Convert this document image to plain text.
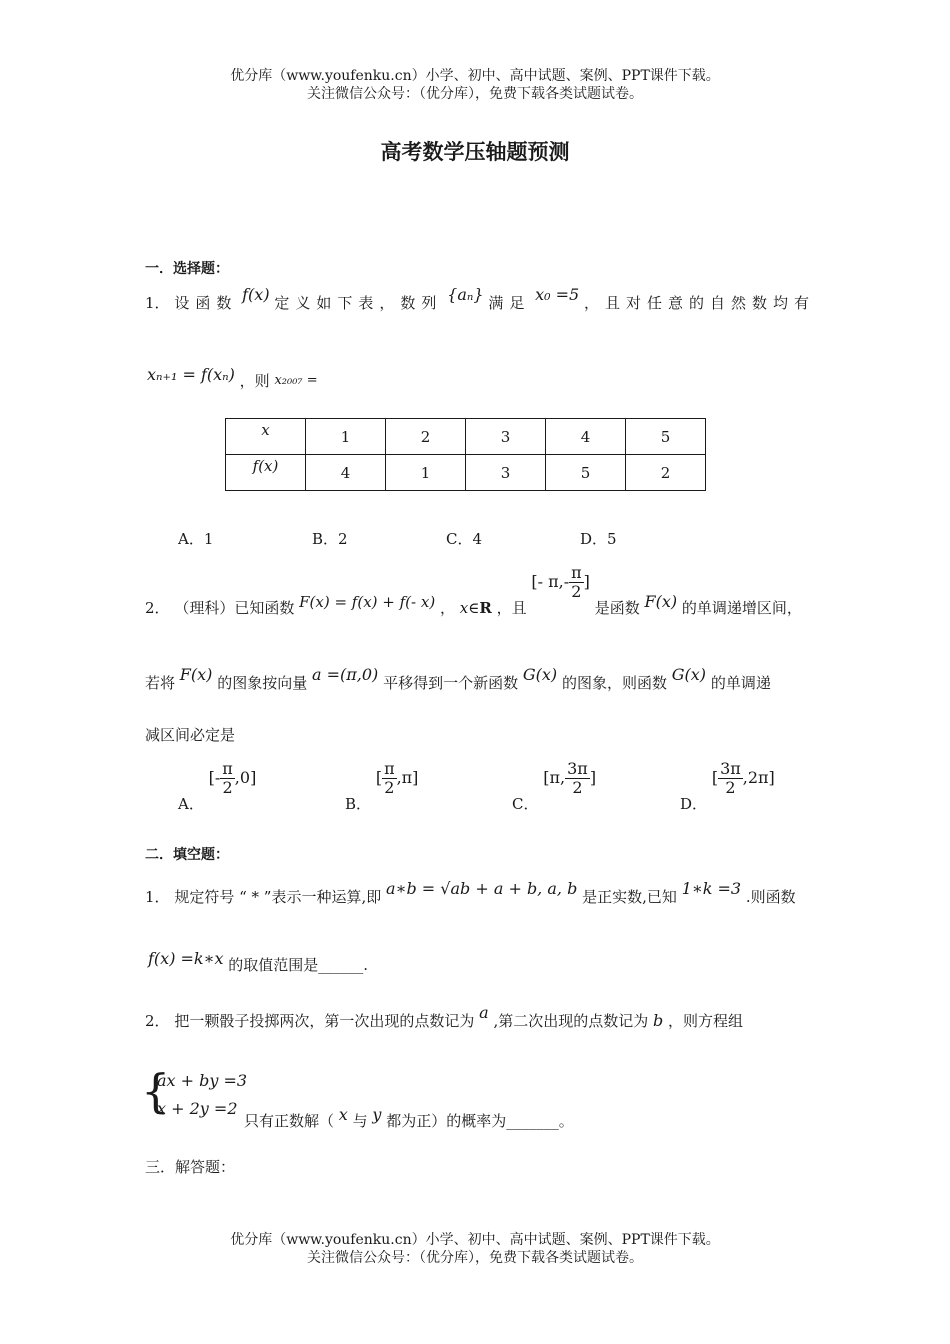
优分库（www.youfenku.cn）小学、初中、高中试题、案例、PPT课件下载。
关注微信公众号：（优分库），免费下载各类试题试卷。
高考数学压轴题预测
一．选择题：
1． 设函数 f(x) 定义如下表，数列 {aₙ} 满足 x₀ =5 ，且对任意的自然数均有
xₙ₊₁ = f(xₙ) ，则 x₂₀₀₇ =
x	1	2	3	4	5
f(x)	4	1	3	5	2
A．1	B．2	C．4	D．5
2． （理科）已知函数 F(x) = f(x) + f(- x) ， x∈R ，且 [- $\pi,- \frac{\pi}{2}$ ] 是函数 F(x) 的单调递增区间，
若将 F(x) 的图象按向量 a =(π,0) 平移得到一个新函数 G(x) 的图象，则函数 G(x) 的单调递
减区间必定是
A． [- $\frac{\pi}{2} ,0$]
B． [ $\frac{\pi}{2} ,\pi$]
C． [π, $\frac{3\pi}{2}$ ]
D． [ $\frac{3\pi}{2} ,2\pi$]
二．填空题：
1． 规定符号 “ * ”表示一种运算,即 a∗b = √ab + a + b, a, b 是正实数,已知 1∗k =3 .则函数
f(x) =k∗x 的取值范围是______.
2． 把一颗骰子投掷两次，第一次出现的点数记为 a ,第二次出现的点数记为 b ，则方程组
{
ax + by =3
x + 2y =2
只有正数解（ x 与 y 都为正）的概率为_______。
三．解答题：
优分库（www.youfenku.cn）小学、初中、高中试题、案例、PPT课件下载。
关注微信公众号：（优分库），免费下载各类试题试卷。
